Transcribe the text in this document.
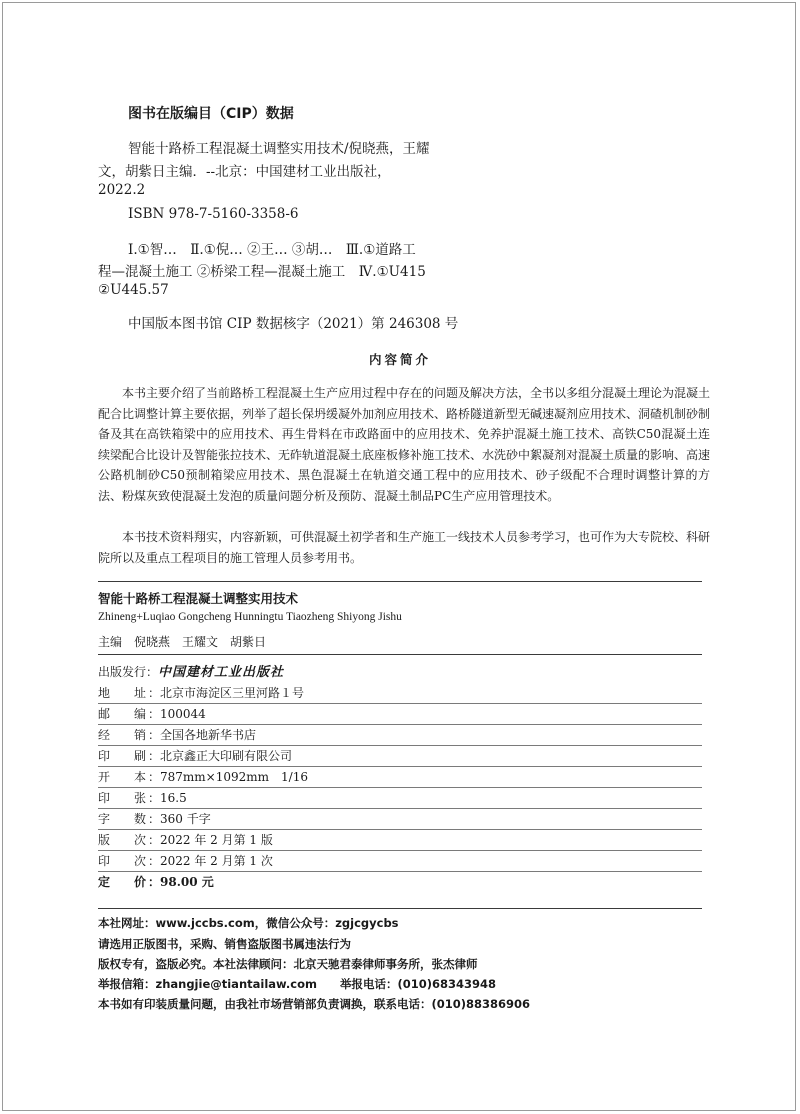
图书在版编目（CIP）数据
智能十路桥工程混凝土调整实用技术/倪晓燕，王耀
文，胡紫日主编．--北京：中国建材工业出版社，
2022.2
ISBN 978-7-5160-3358-6
Ⅰ.①智…　Ⅱ.①倪… ②王… ③胡…　Ⅲ.①道路工
程—混凝土施工 ②桥梁工程—混凝土施工　Ⅳ.①U415
②U445.57
中国版本图书馆 CIP 数据核字（2021）第 246308 号
内容简介

本书主要介绍了当前路桥工程混凝土生产应用过程中存在的问题及解决方法，全书以多组分混凝土理论为混凝土配合比调整计算主要依据，列举了超长保坍缓凝外加剂应用技术、路桥隧道新型无碱速凝剂应用技术、洞碴机制砂制备及其在高铁箱梁中的应用技术、再生骨料在市政路面中的应用技术、免养护混凝土施工技术、高铁C50混凝土连续梁配合比设计及智能张拉技术、无砟轨道混凝土底座板修补施工技术、水洗砂中絮凝剂对混凝土质量的影响、高速公路机制砂C50预制箱梁应用技术、黑色混凝土在轨道交通工程中的应用技术、砂子级配不合理时调整计算的方法、粉煤灰致使混凝土发泡的质量问题分析及预防、混凝土制品PC生产应用管理技术。

本书技术资料翔实，内容新颖，可供混凝土初学者和生产施工一线技术人员参考学习，也可作为大专院校、科研院所以及重点工程项目的施工管理人员参考用书。

智能十路桥工程混凝土调整实用技术
Zhineng+Luqiao Gongcheng Hunningtu Tiaozheng Shiyong Jishu
主编　倪晓燕　王耀文　胡紫日
出版发行：中国建材工业出版社
地 址 ：北京市海淀区三里河路１号
邮 编 ：100044
经 销 ：全国各地新华书店
印 刷 ：北京鑫正大印刷有限公司
开 本 ：787mm×1092mm　1/16
印 张 ：16.5
字 数 ：360 千字
版 次 ：2022 年 2 月第 1 版
印 次 ：2022 年 2 月第 1 次
定 价 ：98.00 元
本社网址：www.jccbs.com，微信公众号：zgjcgycbs
请选用正版图书，采购、销售盗版图书属违法行为
版权专有，盗版必究。本社法律顾问：北京天驰君泰律师事务所，张杰律师
举报信箱：zhangjie@tiantailaw.com　　举报电话：(010)68343948
本书如有印装质量问题，由我社市场营销部负责调换，联系电话：(010)88386906
